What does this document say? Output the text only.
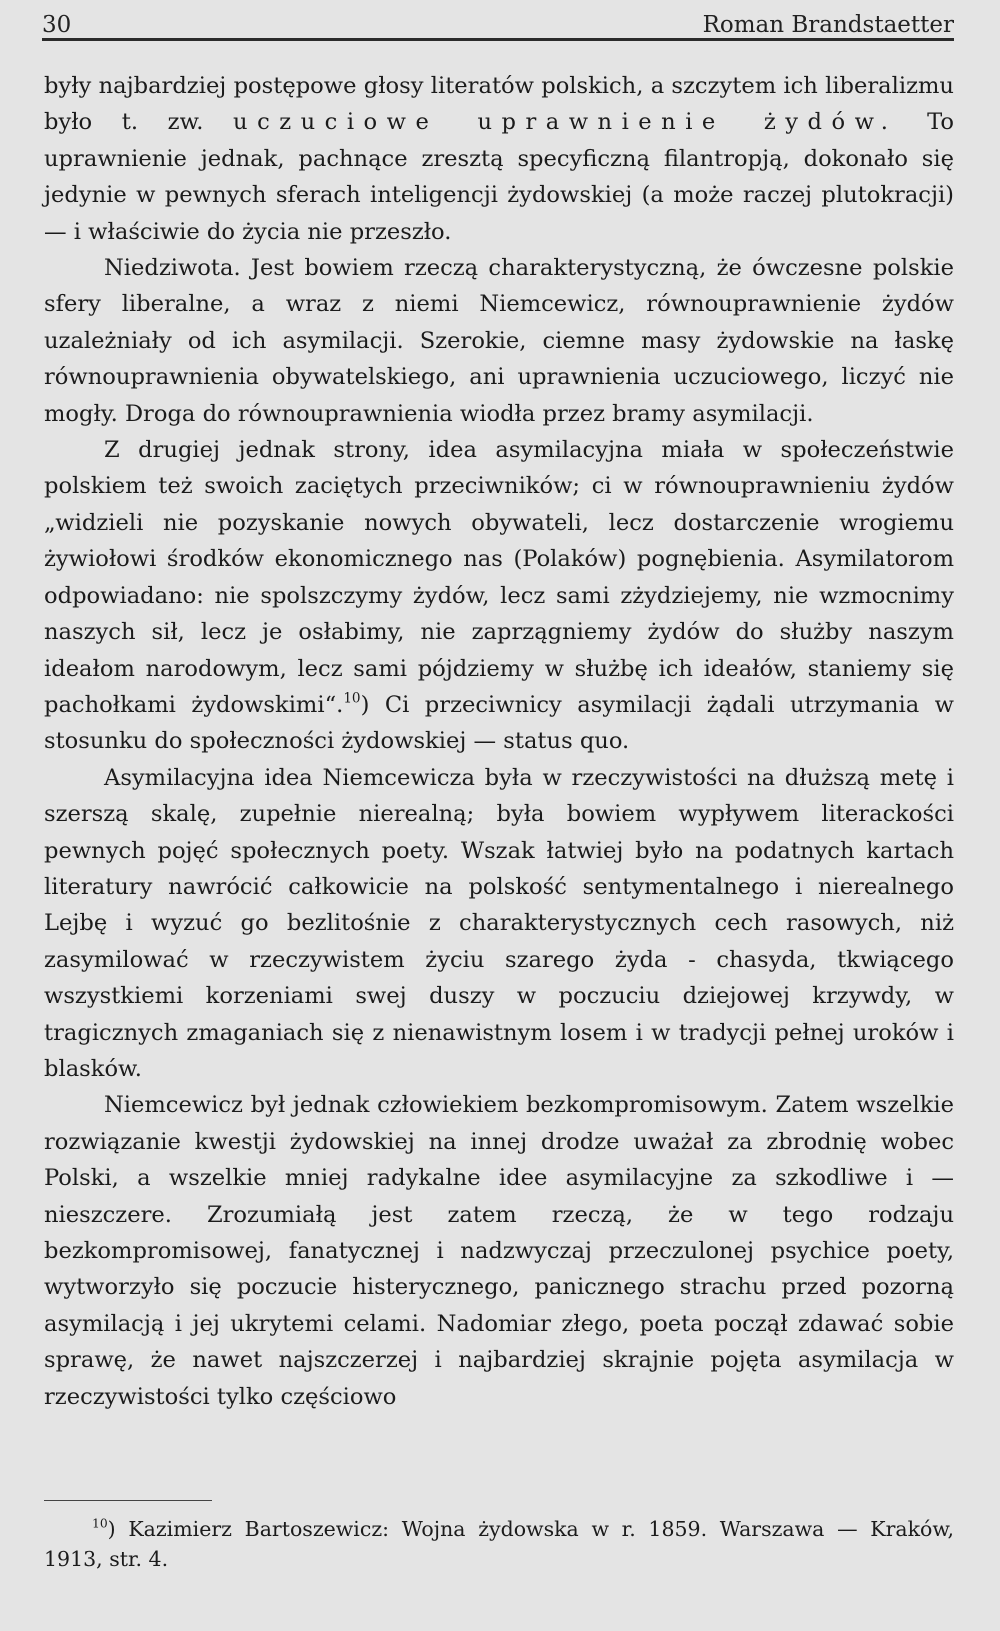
30	Roman Brandstaetter

były najbardziej postępowe głosy literatów polskich, a szczytem ich liberalizmu było t. zw. uczuciowe uprawnienie żydów. To uprawnienie jednak, pachnące zresztą specyficzną filantropją, dokonało się jedynie w pewnych sferach inteligencji żydowskiej (a może raczej plutokracji) — i właściwie do życia nie przeszło.

Niedziwota. Jest bowiem rzeczą charakterystyczną, że ówczesne polskie sfery liberalne, a wraz z niemi Niemcewicz, równouprawnienie żydów uzależniały od ich asymilacji. Szerokie, ciemne masy żydowskie na łaskę równouprawnienia obywatelskiego, ani uprawnienia uczuciowego, liczyć nie mogły. Droga do równouprawnienia wiodła przez bramy asymilacji.

Z drugiej jednak strony, idea asymilacyjna miała w społeczeństwie polskiem też swoich zaciętych przeciwników; ci w równouprawnieniu żydów „widzieli nie pozyskanie nowych obywateli, lecz dostarczenie wrogiemu żywiołowi środków ekonomicznego nas (Polaków) pognębienia. Asymilatorom odpowiadano: nie spolszczymy żydów, lecz sami zżydziejemy, nie wzmocnimy naszych sił, lecz je osłabimy, nie zaprzągniemy żydów do służby naszym ideałom narodowym, lecz sami pójdziemy w służbę ich ideałów, staniemy się pachołkami żydowskimi“.$^{10}$) Ci przeciwnicy asymilacji żądali utrzymania w stosunku do społeczności żydowskiej — status quo.

Asymilacyjna idea Niemcewicza była w rzeczywistości na dłuższą metę i szerszą skalę, zupełnie nierealną; była bowiem wypływem literackości pewnych pojęć społecznych poety. Wszak łatwiej było na podatnych kartach literatury nawrócić całkowicie na polskość sentymentalnego i nierealnego Lejbę i wyzuć go bezlitośnie z charakterystycznych cech rasowych, niż zasymilować w rzeczywistem życiu szarego żyda - chasyda, tkwiącego wszystkiemi korzeniami swej duszy w poczuciu dziejowej krzywdy, w tragicznych zmaganiach się z nienawistnym losem i w tradycji pełnej uroków i blasków.

Niemcewicz był jednak człowiekiem bezkompromisowym. Zatem wszelkie rozwiązanie kwestji żydowskiej na innej drodze uważał za zbrodnię wobec Polski, a wszelkie mniej radykalne idee asymilacyjne za szkodliwe i — nieszczere. Zrozumiałą jest zatem rzeczą, że w tego rodzaju bezkompromisowej, fanatycznej i nadzwyczaj przeczulonej psychice poety, wytworzyło się poczucie histerycznego, panicznego strachu przed pozorną asymilacją i jej ukrytemi celami. Nadomiar złego, poeta począł zdawać sobie sprawę, że nawet najszczerzej i najbardziej skrajnie pojęta asymilacja w rzeczywistości tylko częściowo

$^{10}$) Kazimierz Bartoszewicz: Wojna żydowska w r. 1859. Warszawa — Kraków, 1913, str. 4.
